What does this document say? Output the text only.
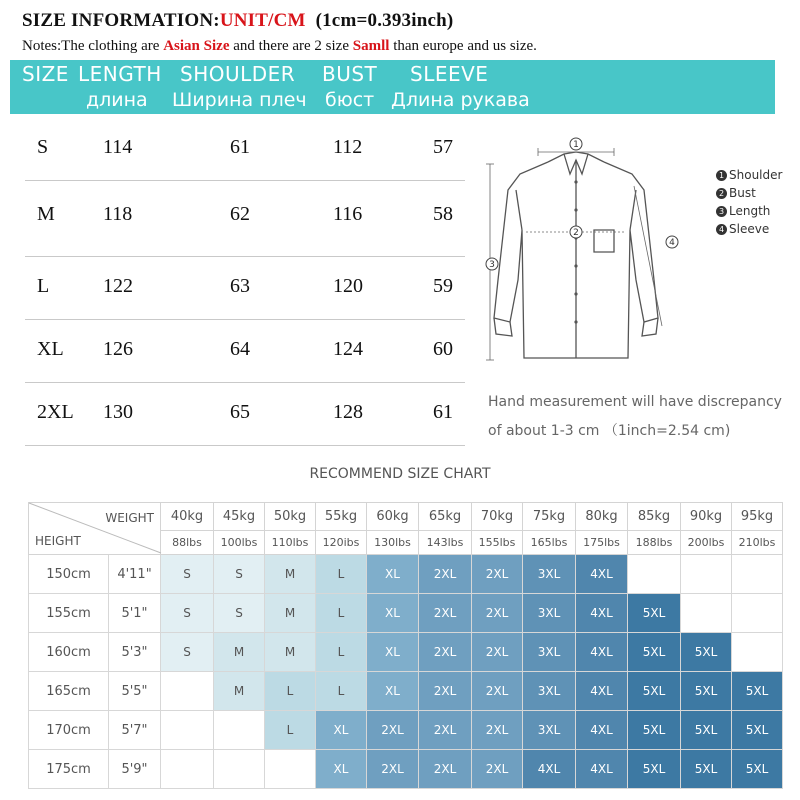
SIZE INFORMATION:UNIT/CM (1cm=0.393inch)
Notes:The clothing are Asian Size and there are 2 size Samll than europe and us size.
SIZE LENGTH SHOULDER BUST SLEEVE
длина Ширина плеч бюст Длина рукава
S	114	61	112	57
M 118	62	116	58
L	122	63	120	59
XL 126	64	124	60
2XL 130	65	128	61
1
2
3
4
1 Shoulder
2 Bust
3 Length
4 Sleeve
Hand measurement will have discrepancy of about 1-3 cm （1inch=2.54 cm)
RECOMMEND SIZE CHART
WEIGHT
HEIGHT		40kg	45kg	50kg	55kg	60kg	65kg	70kg	75kg	80kg	85kg	90kg	95kg
		88lbs	100lbs	110lbs	120ibs	130lbs	143lbs	155lbs	165lbs	175lbs	188lbs	200lbs	210lbs
150cm	4'11"	S	S	M	L	XL	2XL	2XL	3XL	4XL			
155cm	5'1"	S	S	M	L	XL	2XL	2XL	3XL	4XL	5XL		
160cm	5'3"	S	M	M	L	XL	2XL	2XL	3XL	4XL	5XL	5XL	
165cm	5'5"		M	L	L	XL	2XL	2XL	3XL	4XL	5XL	5XL	5XL
170cm	5'7"			L	XL	2XL	2XL	2XL	3XL	4XL	5XL	5XL	5XL
175cm	5'9"				XL	2XL	2XL	2XL	4XL	4XL	5XL	5XL	5XL
